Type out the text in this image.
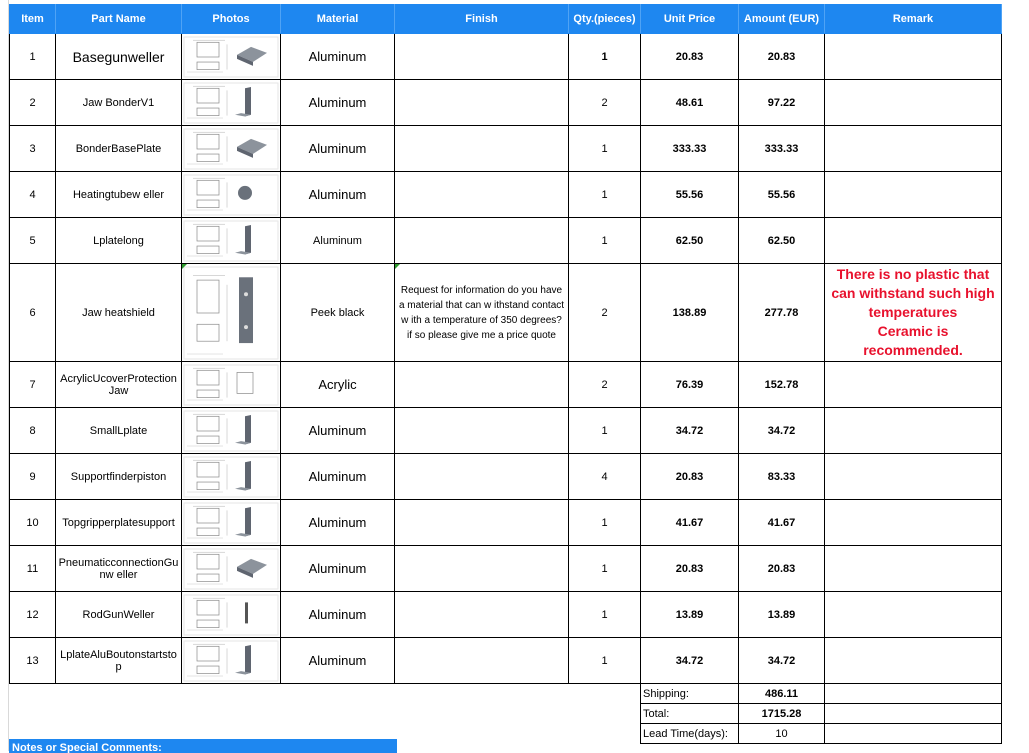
Item	Part Name	Photos	Material	Finish	Qty.(pieces)	Unit Price	Amount (EUR)	Remark
1	Basegunweller		Aluminum		1	20.83	20.83	

2	Jaw BonderV1		Aluminum		2	48.61	97.22	

3	BonderBasePlate		Aluminum		1	333.33	333.33	

4	Heatingtubew eller		Aluminum		1	55.56	55.56	

5	Lplatelong		Aluminum		1	62.50	62.50	

6	Jaw heatshield		Peek black	Request for information do you have a material that can w ithstand contact w ith a temperature of 350 degrees? if so please give me a price quote	2	138.89	277.78	There is no plastic that can withstand such high temperatures
Ceramic is recommended.

7	AcrylicUcoverProtection Jaw		Acrylic		2	76.39	152.78	

8	SmallLplate		Aluminum		1	34.72	34.72	

9	Supportfinderpiston		Aluminum		4	20.83	83.33	

10	Topgripperplatesupport		Aluminum		1	41.67	41.67	

11	PneumaticconnectionGu nw eller		Aluminum		1	20.83	20.83	

12	RodGunWeller		Aluminum		1	13.89	13.89	

13	LplateAluBoutonstartsto p		Aluminum		1	34.72	34.72	

						Shipping:	486.11	
						Total:	1715.28	
						Lead Time(days):	10	
Notes or Special Comments:
